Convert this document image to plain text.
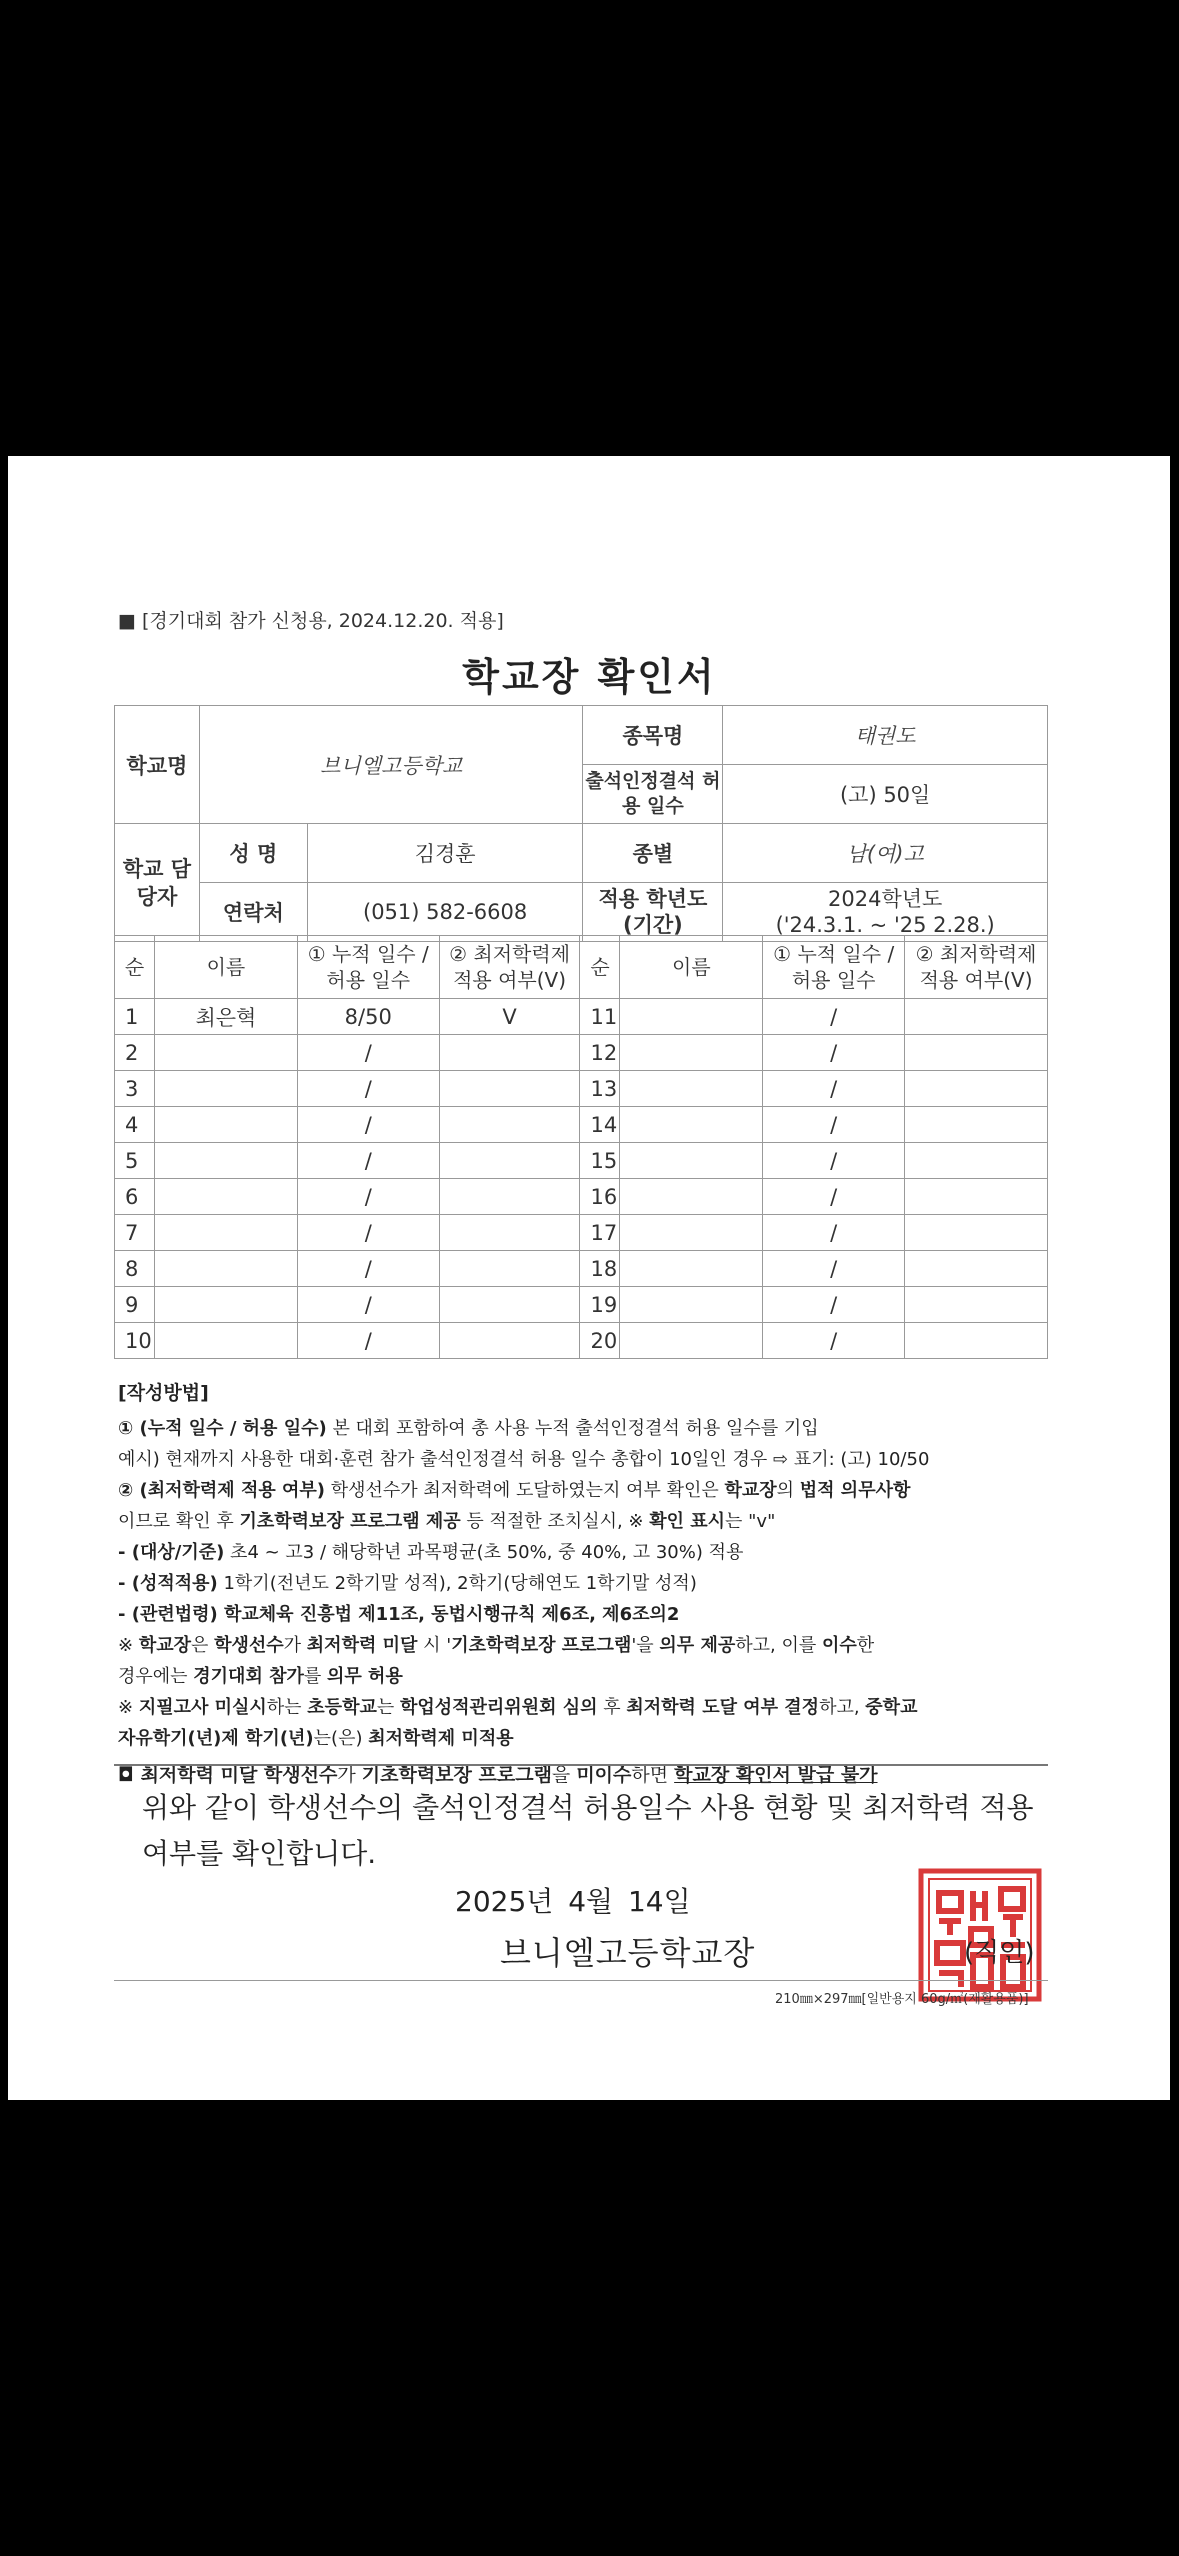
■ [경기대회 참가 신청용, 2024.12.20. 적용]
학교장 확인서
학교명	브니엘고등학교		종목명	태권도
			출석인정결석 허용 일수	(고) 50일
학교 담당자	성 명	김경훈	종별	남(여)고
	연락처	(051) 582-6608	적용 학년도 (기간)	2024학년도
('24.3.1. ~ '25 2.28.)
순	이름	① 누적 일수 / 허용 일수	② 최저학력제 적용 여부(V)	순	이름	① 누적 일수 / 허용 일수	② 최저학력제 적용 여부(V)
1	최은혁	8/50	V	11		/	
2		/		12		/	
3		/		13		/	
4		/		14		/	
5		/		15		/	
6		/		16		/	
7		/		17		/	
8		/		18		/	
9		/		19		/	
10		/		20		/	
[작성방법]

① (누적 일수 / 허용 일수) 본 대회 포함하여 총 사용 누적 출석인정결석 허용 일수를 기입

예시) 현재까지 사용한 대회·훈련 참가 출석인정결석 허용 일수 총합이 10일인 경우 ⇨ 표기: (고) 10/50

② (최저학력제 적용 여부) 학생선수가 최저학력에 도달하였는지 여부 확인은 학교장의 법적 의무사항

이므로 확인 후 기초학력보장 프로그램 제공 등 적절한 조치실시, ※ 확인 표시는 "v"

- (대상/기준) 초4 ~ 고3 / 해당학년 과목평균(초 50%, 중 40%, 고 30%) 적용

- (성적적용) 1학기(전년도 2학기말 성적), 2학기(당해연도 1학기말 성적)

- (관련법령) 학교체육 진흥법 제11조, 동법시행규칙 제6조, 제6조의2

※ 학교장은 학생선수가 최저학력 미달 시 '기초학력보장 프로그램'을 의무 제공하고, 이를 이수한

경우에는 경기대회 참가를 의무 허용

※ 지필고사 미실시하는 초등학교는 학업성적관리위원회 심의 후 최저학력 도달 여부 결정하고, 중학교

자유학기(년)제 학기(년)는(은) 최저학력제 미적용

◘ 최저학력 미달 학생선수가 기초학력보장 프로그램을 미이수하면 학교장 확인서 발급 불가

위와 같이 학생선수의 출석인정결석 허용일수 사용 현황 및 최저학력 적용 여부를 확인합니다.
2025년 4월 14일
브니엘고등학교장	(직인)
210㎜×297㎜[일반용지 60g/㎡(재활용품)]
